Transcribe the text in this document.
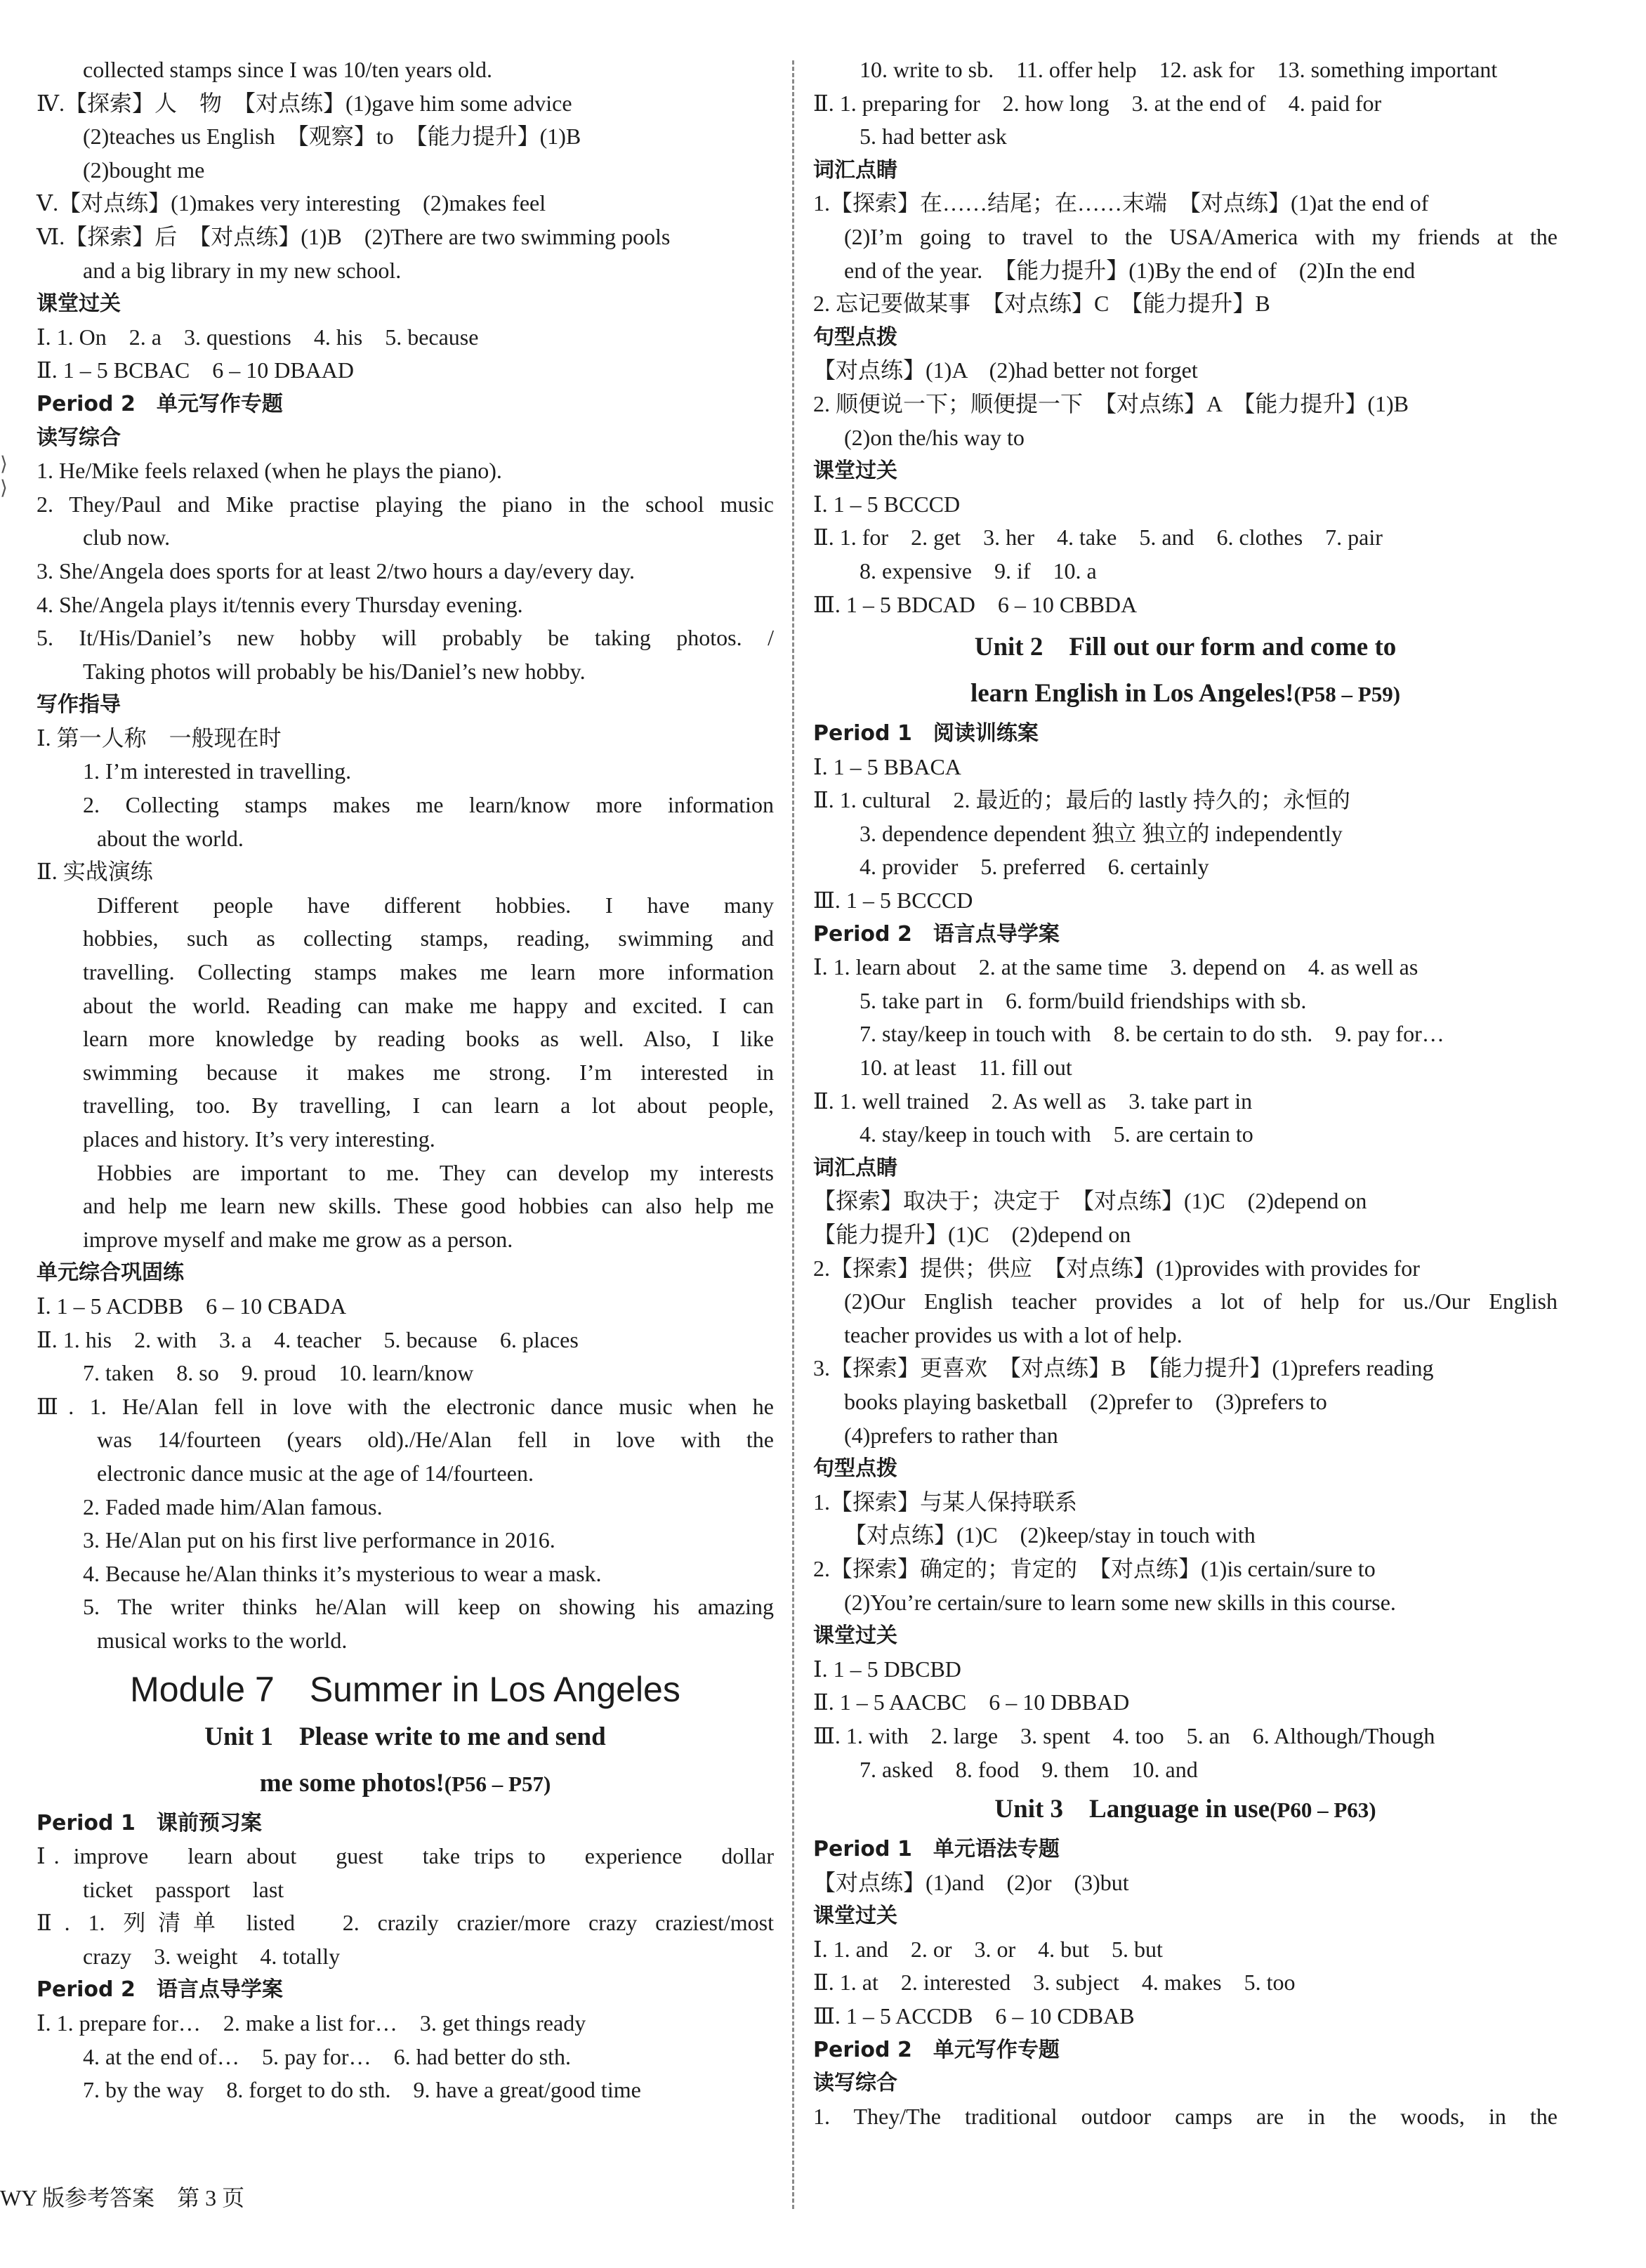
⟩
⟩
collected stamps since I was 10/ten years old.
Ⅳ.【探索】人　物　【对点练】(1)gave him some advice
(2)teaches us English　【观察】to　【能力提升】(1)B
(2)bought me
Ⅴ.【对点练】(1)makes very interesting　(2)makes feel
Ⅵ.【探索】后　【对点练】(1)B　(2)There are two swimming pools
and a big library in my new school.
课堂过关
Ⅰ. 1. On　2. a　3. questions　4. his　5. because
Ⅱ. 1 – 5 BCBAC　6 – 10 DBAAD
Period 2　单元写作专题
读写综合
1. He/Mike feels relaxed (when he plays the piano).
2. They/Paul and Mike practise playing the piano in the school music
club now.
3. She/Angela does sports for at least 2/two hours a day/every day.
4. She/Angela plays it/tennis every Thursday evening.
5. It/His/Daniel’s new hobby will probably be taking photos. /
Taking photos will probably be his/Daniel’s new hobby.
写作指导
Ⅰ. 第一人称　一般现在时
1. I’m interested in travelling.
2. Collecting stamps makes me learn/know more information
about the world.
Ⅱ. 实战演练
Different people have different hobbies. I have many
hobbies, such as collecting stamps, reading, swimming and
travelling. Collecting stamps makes me learn more information
about the world. Reading can make me happy and excited. I can
learn more knowledge by reading books as well. Also, I like
swimming because it makes me strong. I’m interested in
travelling, too. By travelling, I can learn a lot about people,
places and history. It’s very interesting.
Hobbies are important to me. They can develop my interests
and help me learn new skills. These good hobbies can also help me
improve myself and make me grow as a person.
单元综合巩固练
Ⅰ. 1 – 5 ACDBB　6 – 10 CBADA
Ⅱ. 1. his　2. with　3. a　4. teacher　5. because　6. places
7. taken　8. so　9. proud　10. learn/know
Ⅲ. 1. He/Alan fell in love with the electronic dance music when he
was 14/fourteen (years old)./He/Alan fell in love with the
electronic dance music at the age of 14/fourteen.
2. Faded made him/Alan famous.
3. He/Alan put on his first live performance in 2016.
4. Because he/Alan thinks it’s mysterious to wear a mask.
5. The writer thinks he/Alan will keep on showing his amazing
musical works to the world.
Module 7　Summer in Los Angeles
Unit 1　Please write to me and send
me some photos!(P56 – P57)
Period 1　课前预习案
Ⅰ. improve　learn about　guest　take trips to　experience　dollar
ticket　passport　last
Ⅱ. 1. 列清单 listed　2. crazily crazier/more crazy craziest/most
crazy　3. weight　4. totally
Period 2　语言点导学案
Ⅰ. 1. prepare for…　2. make a list for…　3. get things ready
4. at the end of…　5. pay for…　6. had better do sth.
7. by the way　8. forget to do sth.　9. have a great/good time
10. write to sb.　11. offer help　12. ask for　13. something important
Ⅱ. 1. preparing for　2. how long　3. at the end of　4. paid for
5. had better ask
词汇点睛
1.【探索】在……结尾；在……末端　【对点练】(1)at the end of
(2)I’m going to travel to the USA/America with my friends at the
end of the year.　【能力提升】(1)By the end of　(2)In the end
2. 忘记要做某事　【对点练】C　【能力提升】B
句型点拨
【对点练】(1)A　(2)had better not forget
2. 顺便说一下；顺便提一下　【对点练】A　【能力提升】(1)B
(2)on the/his way to
课堂过关
Ⅰ. 1 – 5 BCCCD
Ⅱ. 1. for　2. get　3. her　4. take　5. and　6. clothes　7. pair
8. expensive　9. if　10. a
Ⅲ. 1 – 5 BDCAD　6 – 10 CBBDA
Unit 2　Fill out our form and come to
learn English in Los Angeles!(P58 – P59)
Period 1　阅读训练案
Ⅰ. 1 – 5 BBACA
Ⅱ. 1. cultural　2. 最近的；最后的 lastly 持久的；永恒的
3. dependence dependent 独立 独立的 independently
4. provider　5. preferred　6. certainly
Ⅲ. 1 – 5 BCCCD
Period 2　语言点导学案
Ⅰ. 1. learn about　2. at the same time　3. depend on　4. as well as
5. take part in　6. form/build friendships with sb.
7. stay/keep in touch with　8. be certain to do sth.　9. pay for…
10. at least　11. fill out
Ⅱ. 1. well trained　2. As well as　3. take part in
4. stay/keep in touch with　5. are certain to
词汇点睛
【探索】取决于；决定于　【对点练】(1)C　(2)depend on
【能力提升】(1)C　(2)depend on
2.【探索】提供；供应　【对点练】(1)provides with provides for
(2)Our English teacher provides a lot of help for us./Our English
teacher provides us with a lot of help.
3.【探索】更喜欢　【对点练】B　【能力提升】(1)prefers reading
books playing basketball　(2)prefer to　(3)prefers to
(4)prefers to rather than
句型点拨
1.【探索】与某人保持联系
【对点练】(1)C　(2)keep/stay in touch with
2.【探索】确定的；肯定的　【对点练】(1)is certain/sure to
(2)You’re certain/sure to learn some new skills in this course.
课堂过关
Ⅰ. 1 – 5 DBCBD
Ⅱ. 1 – 5 AACBC　6 – 10 DBBAD
Ⅲ. 1. with　2. large　3. spent　4. too　5. an　6. Although/Though
7. asked　8. food　9. them　10. and
Unit 3　Language in use(P60 – P63)
Period 1　单元语法专题
【对点练】(1)and　(2)or　(3)but
课堂过关
Ⅰ. 1. and　2. or　3. or　4. but　5. but
Ⅱ. 1. at　2. interested　3. subject　4. makes　5. too
Ⅲ. 1 – 5 ACCDB　6 – 10 CDBAB
Period 2　单元写作专题
读写综合
1. They/The traditional outdoor camps are in the woods, in the
WY 版参考答案　第 3 页
